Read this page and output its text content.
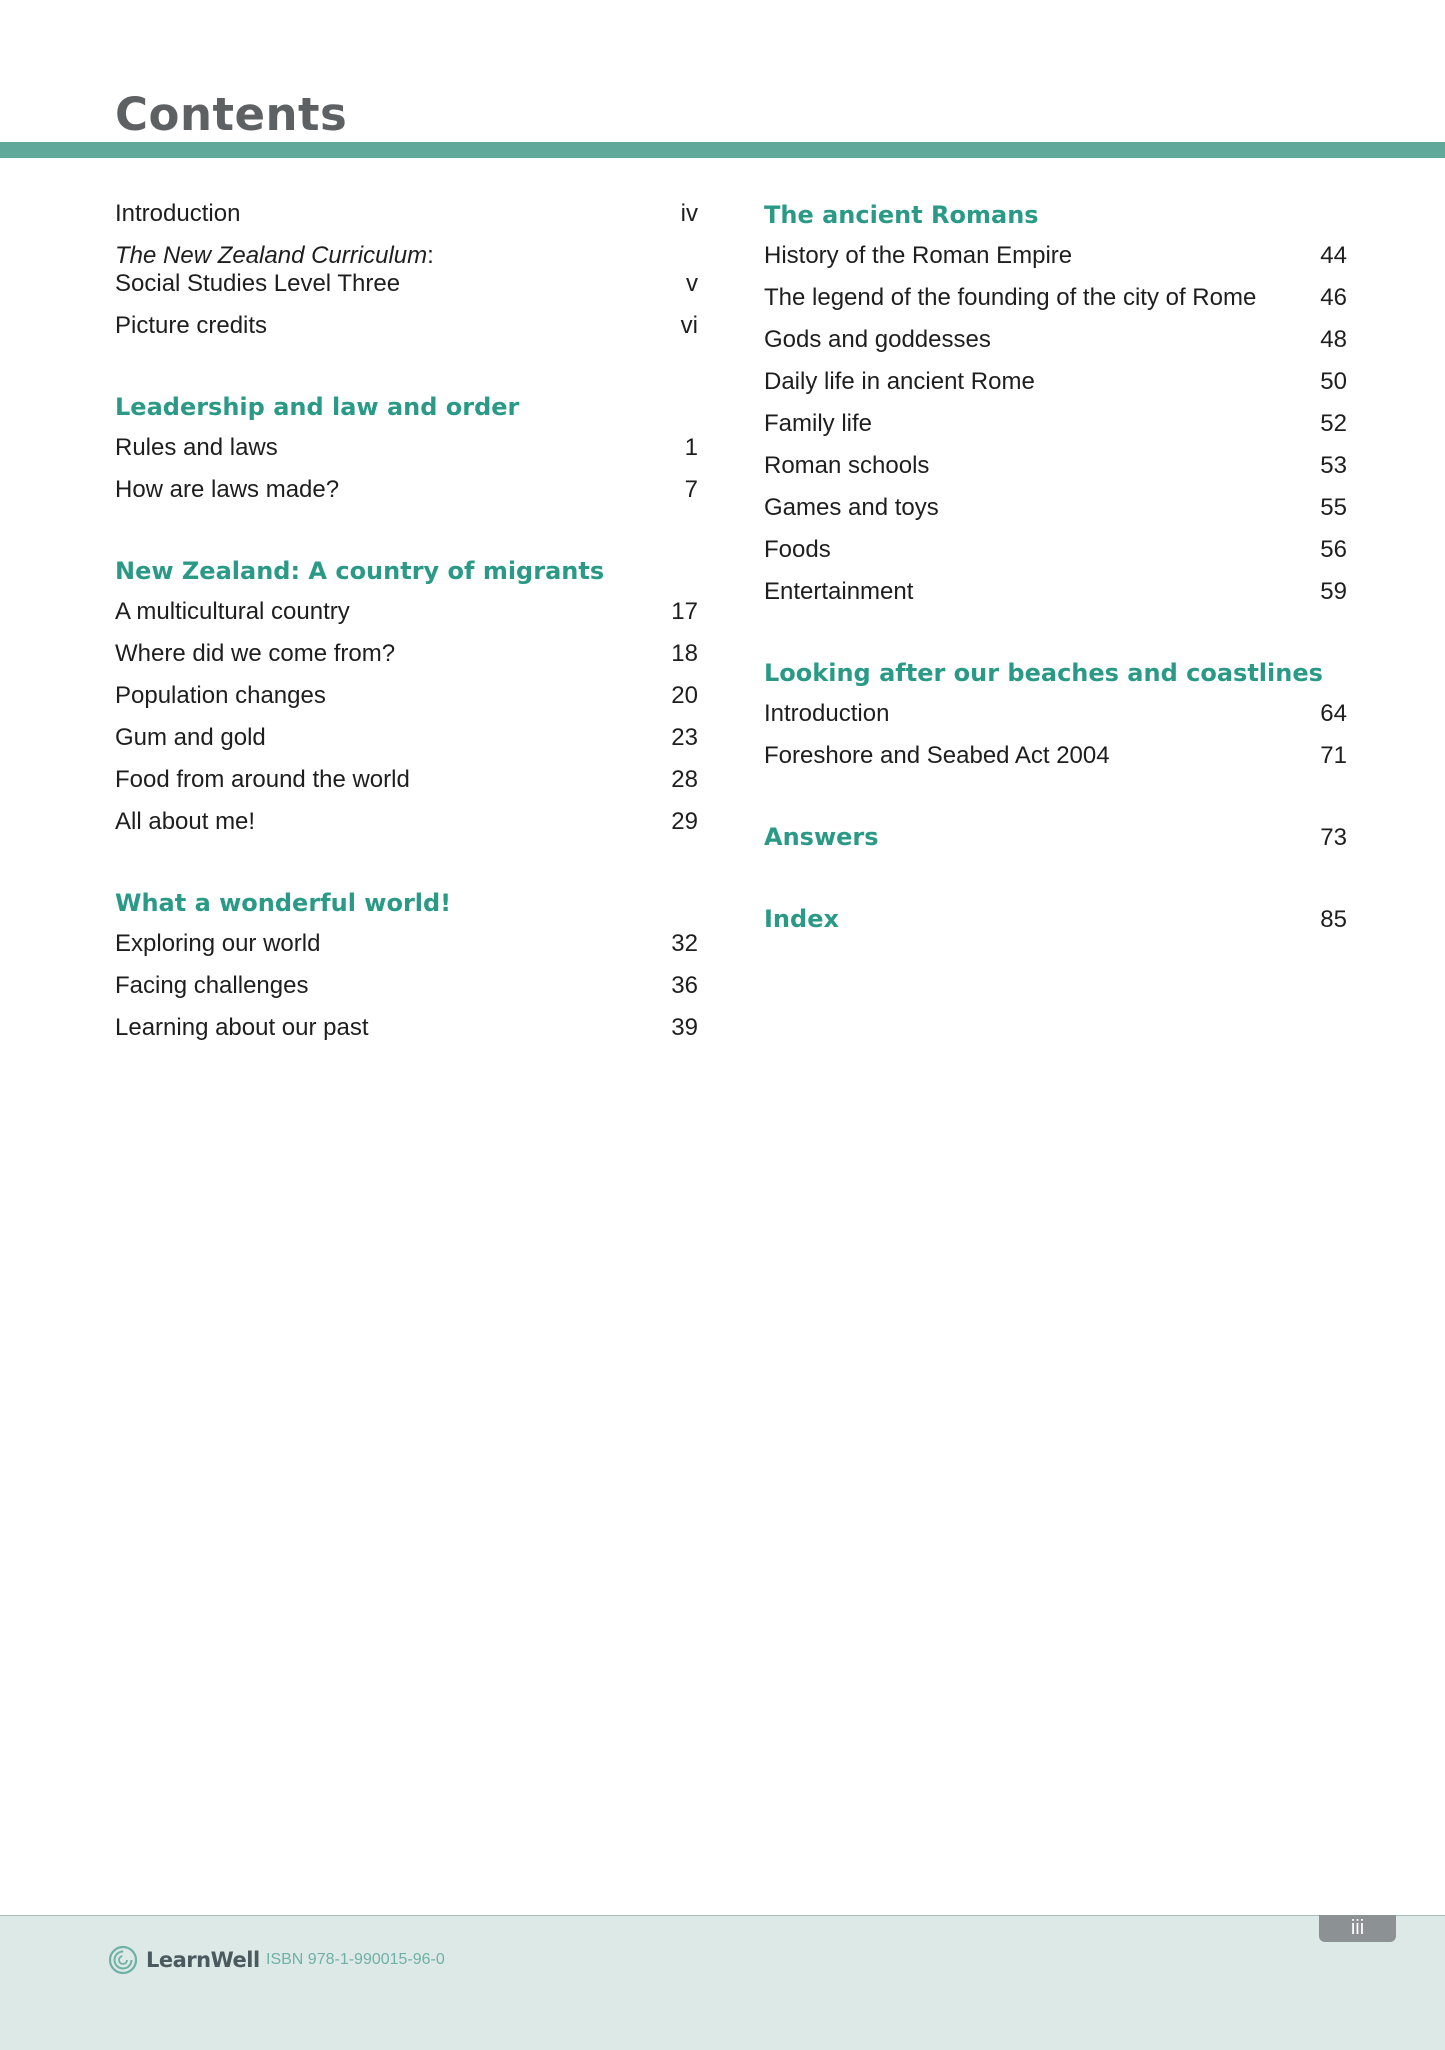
Contents
Introduction	iv
The New Zealand Curriculum:
Social Studies Level Three	v
Picture credits	vi
Leadership and law and order
Rules and laws	1
How are laws made?	7
New Zealand: A country of migrants
A multicultural country	17
Where did we come from?	18
Population changes	20
Gum and gold	23
Food from around the world	28
All about me!	29
What a wonderful world!
Exploring our world	32
Facing challenges	36
Learning about our past	39
The ancient Romans
History of the Roman Empire	44
The legend of the founding of the city of Rome	46
Gods and goddesses	48
Daily life in ancient Rome	50
Family life	52
Roman schools	53
Games and toys	55
Foods	56
Entertainment	59
Looking after our beaches and coastlines
Introduction	64
Foreshore and Seabed Act 2004	71
Answers	73
Index	85
iii
LearnWell ISBN 978-1-990015-96-0
